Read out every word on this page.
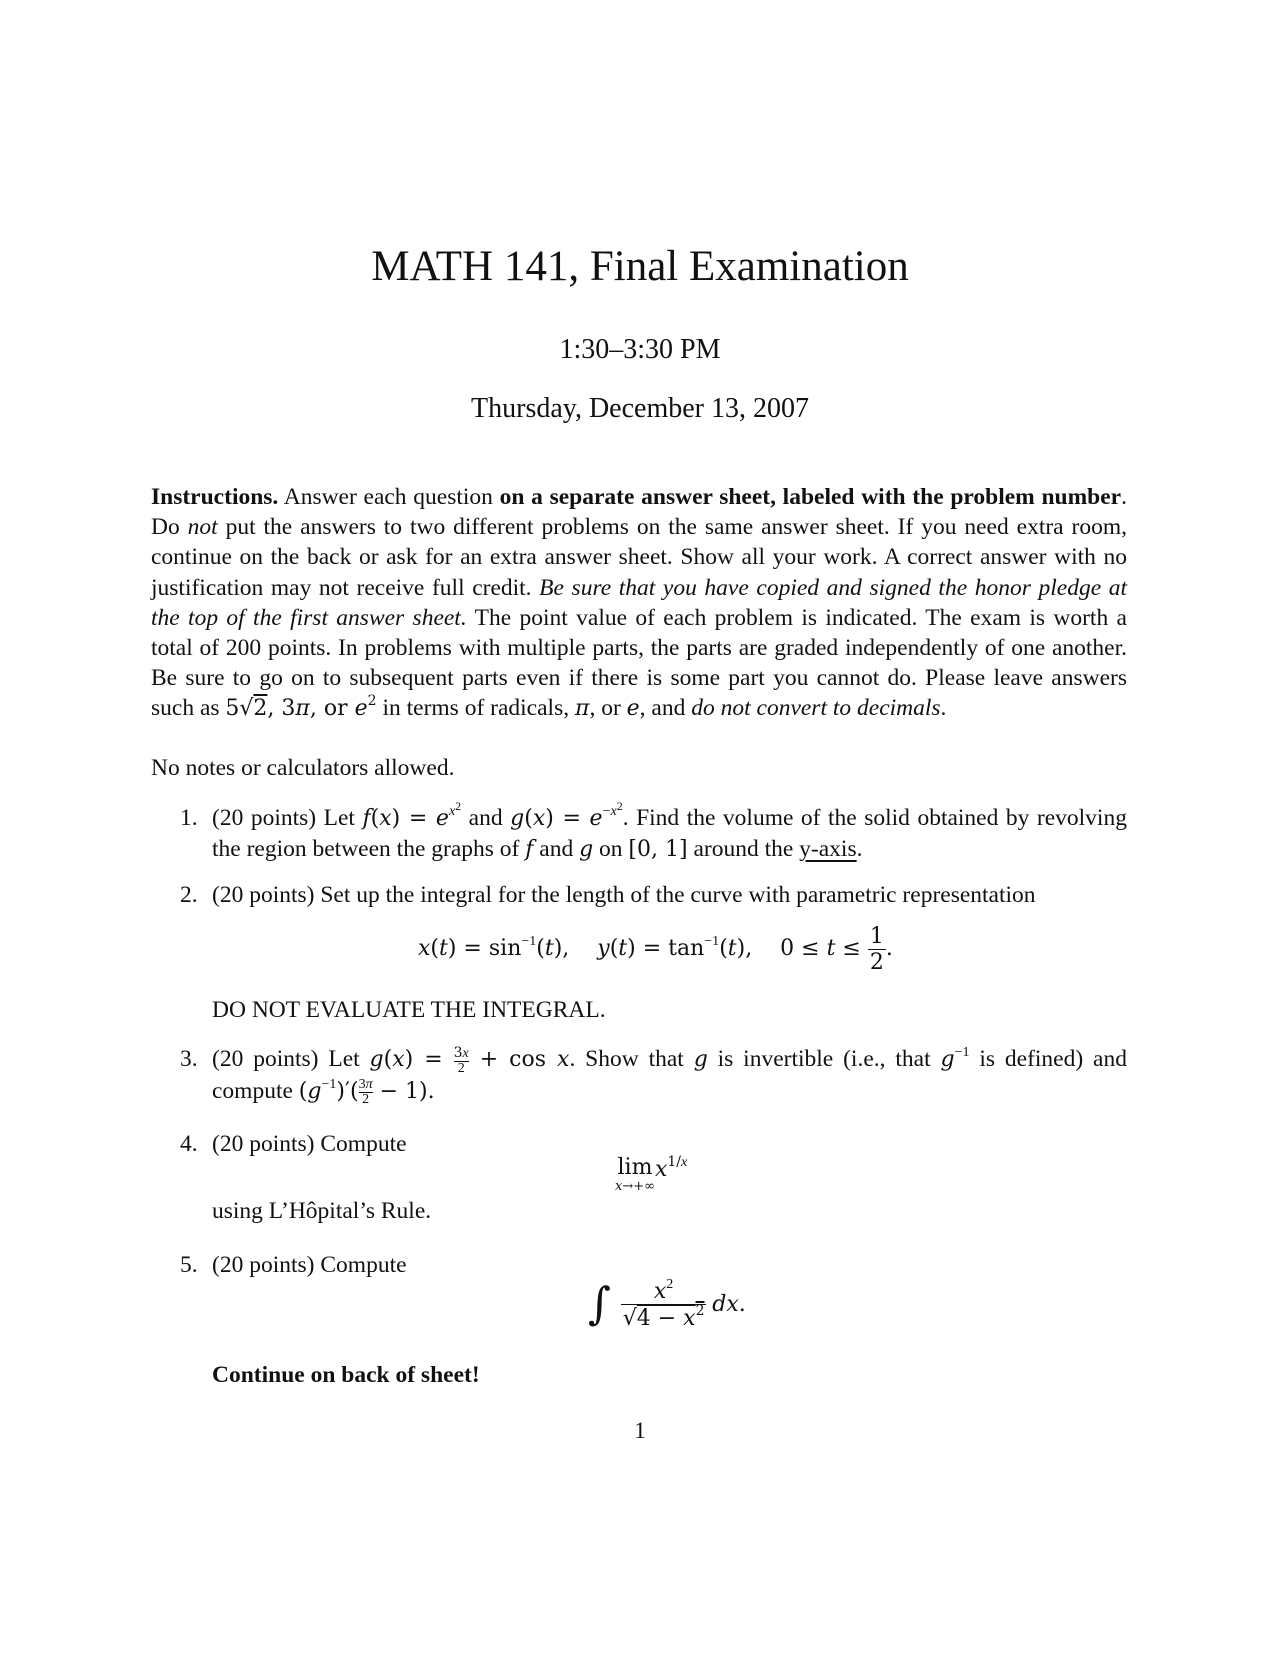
MATH 141, Final Examination
1:30–3:30 PM
Thursday, December 13, 2007
Instructions. Answer each question on a separate answer sheet, labeled with the problem number. Do not put the answers to two different problems on the same answer sheet. If you need extra room, continue on the back or ask for an extra answer sheet. Show all your work. A correct answer with no justification may not receive full credit. Be sure that you have copied and signed the honor pledge at the top of the first answer sheet. The point value of each problem is indicated. The exam is worth a total of 200 points. In problems with multiple parts, the parts are graded independently of one another. Be sure to go on to subsequent parts even if there is some part you cannot do. Please leave answers such as 5√2, 3π, or $e^2$ in terms of radicals, π, or e, and do not convert to decimals.
No notes or calculators allowed.
1. (20 points) Let $f(x) = e^{x^2}$ and $g(x) = e^{-x^2}$. Find the volume of the solid obtained by revolving the region between the graphs of f and g on [0, 1] around the y-axis.
2. (20 points) Set up the integral for the length of the curve with parametric representation
$x(t) = \sin^{-1}(t)$,    $y(t) = \tan^{-1}(t)$,    $0 \le t \le \frac{1}{2}$ .
DO NOT EVALUATE THE INTEGRAL.
3. (20 points) Let $g(x) = \frac{3x}{2} + \cos x$. Show that g is invertible (i.e., that $g^{-1}$ is defined) and compute $(g^{-1})'( \frac{3\pi}{2} - 1)$.
4. (20 points) Compute
lim
x→+∞
$x^{1/x}$
using L’Hôpital’s Rule.
5. (20 points) Compute
∫ $\frac{x^2}{√4 - x^2}$ dx.
Continue on back of sheet!
1
